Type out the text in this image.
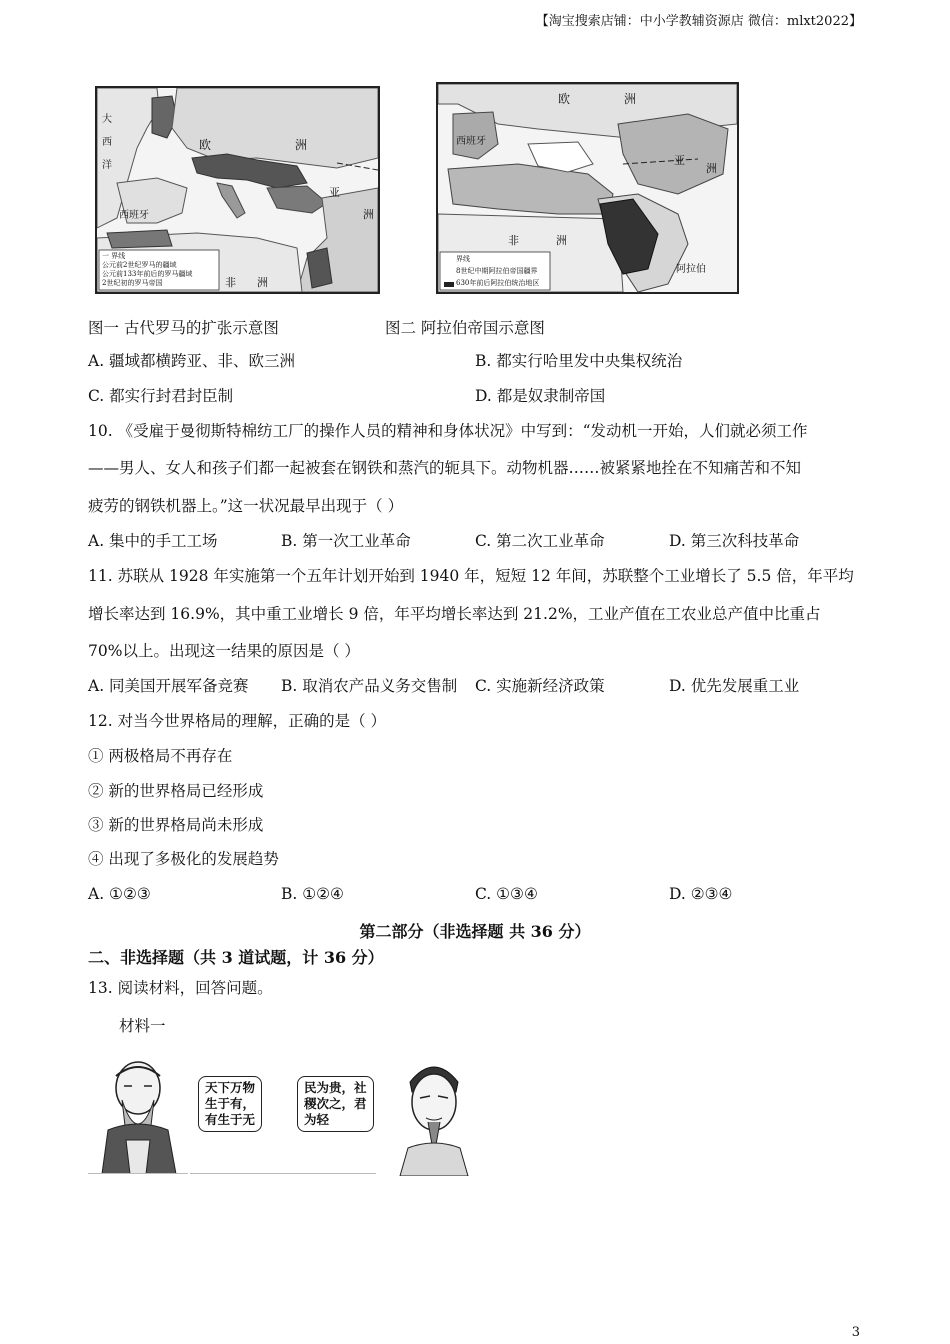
【淘宝搜索店铺：中小学教辅资源店 微信：mlxt2022】
大
西
洋
欧	洲
西班牙
非 洲
亚
洲
一 界线
公元前2世纪罗马的疆域
公元前133年前后的罗马疆域
2世纪初的罗马帝国
欧	洲
西班牙
亚
洲
非	洲
阿拉伯
界线
8世纪中期阿拉伯帝国疆界
630年前后阿拉伯统治地区
图一 古代罗马的扩张示意图	图二 阿拉伯帝国示意图
A. 疆域都横跨亚、非、欧三洲	B. 都实行哈里发中央集权统治
C. 都实行封君封臣制	D. 都是奴隶制帝国
10. 《受雇于曼彻斯特棉纺工厂的操作人员的精神和身体状况》中写到：“发动机一开始，人们就必须工作
——男人、女人和孩子们都一起被套在钢铁和蒸汽的轭具下。动物机器……被紧紧地拴在不知痛苦和不知
疲劳的钢铁机器上。”这一状况最早出现于（ ）
A. 集中的手工工场	B. 第一次工业革命	C. 第二次工业革命	D. 第三次科技革命
11. 苏联从 1928 年实施第一个五年计划开始到 1940 年，短短 12 年间，苏联整个工业增长了 5.5 倍，年平均
增长率达到 16.9%，其中重工业增长 9 倍，年平均增长率达到 21.2%，工业产值在工农业总产值中比重占
70%以上。出现这一结果的原因是（ ）
A. 同美国开展军备竞赛 B. 取消农产品义务交售制 C. 实施新经济政策	D. 优先发展重工业
12. 对当今世界格局的理解，正确的是（ ）
① 两极格局不再存在
② 新的世界格局已经形成
③ 新的世界格局尚未形成
④ 出现了多极化的发展趋势
A. ①②③	B. ①②④	C. ①③④	D. ②③④
第二部分（非选择题 共 36 分）
二、非选择题（共 3 道试题，计 36 分）
13. 阅读材料，回答问题。
材料一
天下万物
生于有，
有生于无
民为贵，社
稷次之，君
为轻
3
